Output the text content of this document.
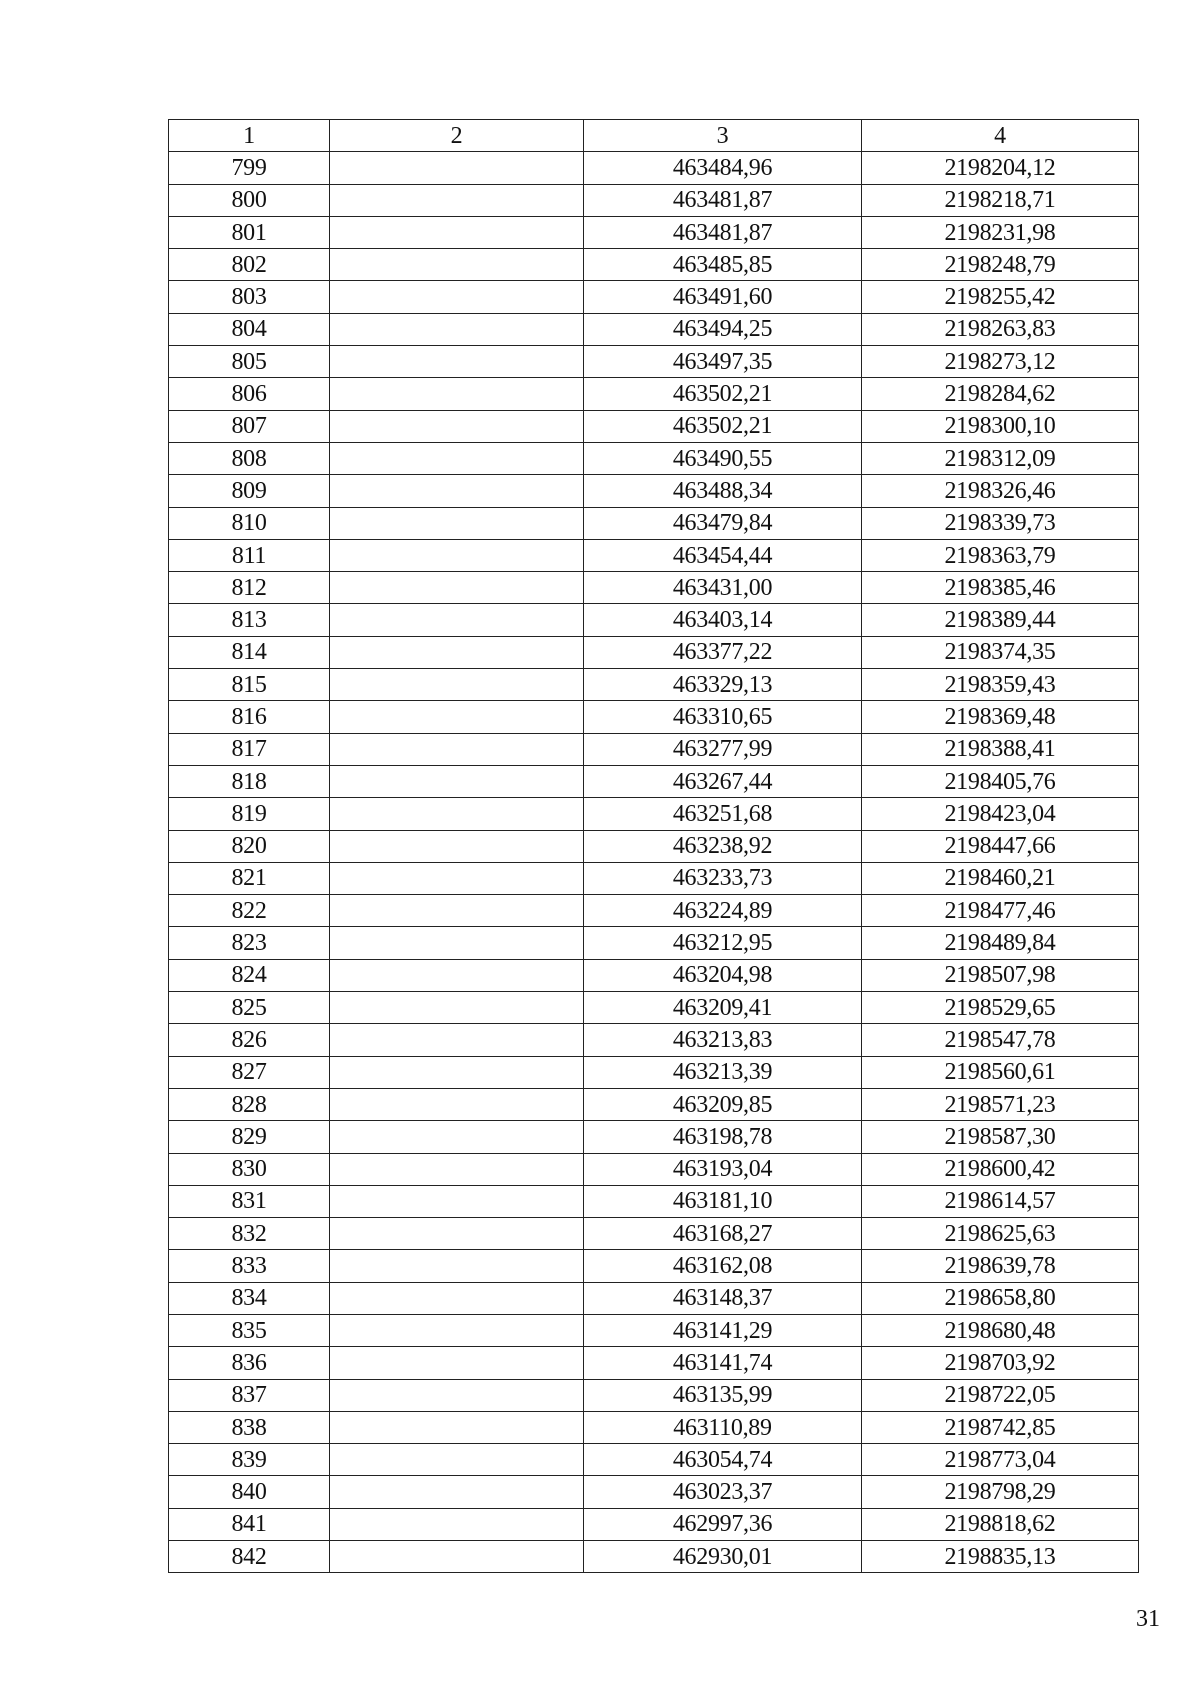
1	2	3	4
799		463484,96	2198204,12
800		463481,87	2198218,71
801		463481,87	2198231,98
802		463485,85	2198248,79
803		463491,60	2198255,42
804		463494,25	2198263,83
805		463497,35	2198273,12
806		463502,21	2198284,62
807		463502,21	2198300,10
808		463490,55	2198312,09
809		463488,34	2198326,46
810		463479,84	2198339,73
811		463454,44	2198363,79
812		463431,00	2198385,46
813		463403,14	2198389,44
814		463377,22	2198374,35
815		463329,13	2198359,43
816		463310,65	2198369,48
817		463277,99	2198388,41
818		463267,44	2198405,76
819		463251,68	2198423,04
820		463238,92	2198447,66
821		463233,73	2198460,21
822		463224,89	2198477,46
823		463212,95	2198489,84
824		463204,98	2198507,98
825		463209,41	2198529,65
826		463213,83	2198547,78
827		463213,39	2198560,61
828		463209,85	2198571,23
829		463198,78	2198587,30
830		463193,04	2198600,42
831		463181,10	2198614,57
832		463168,27	2198625,63
833		463162,08	2198639,78
834		463148,37	2198658,80
835		463141,29	2198680,48
836		463141,74	2198703,92
837		463135,99	2198722,05
838		463110,89	2198742,85
839		463054,74	2198773,04
840		463023,37	2198798,29
841		462997,36	2198818,62
842		462930,01	2198835,13
31
